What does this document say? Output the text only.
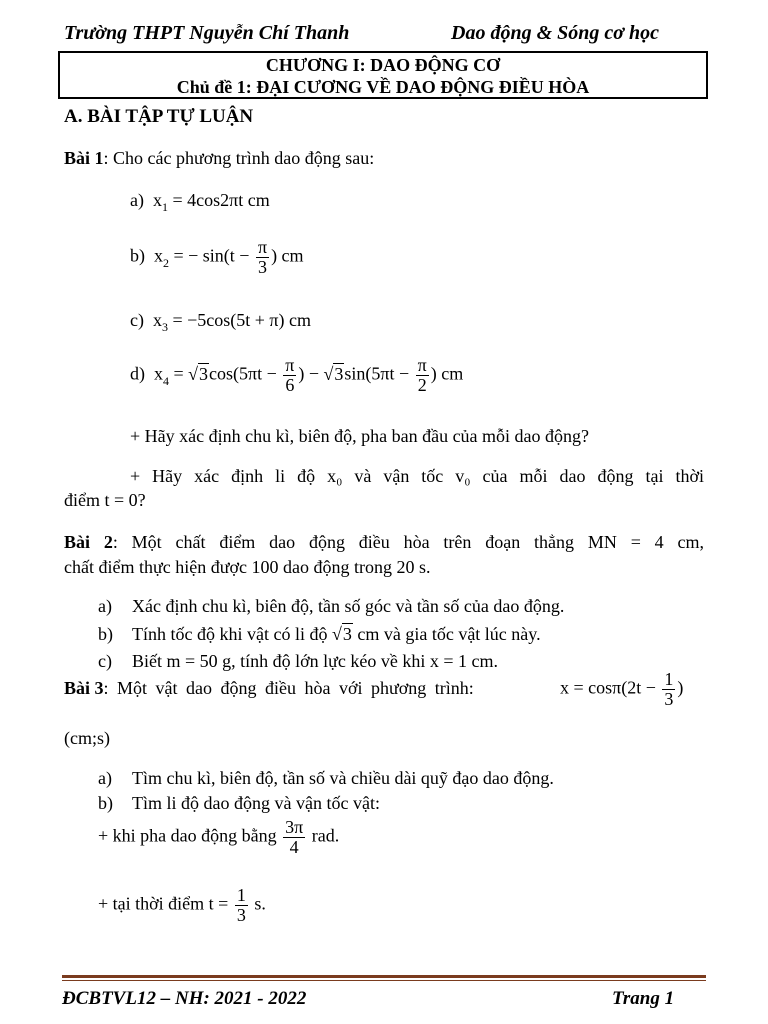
Trường THPT Nguyễn Chí Thanh	Dao động & Sóng cơ học
CHƯƠNG I: DAO ĐỘNG CƠ
Chủ đề 1: ĐẠI CƯƠNG VỀ DAO ĐỘNG ĐIỀU HÒA
A. BÀI TẬP TỰ LUẬN
Bài 1: Cho các phương trình dao động sau:
a) $x_1 = 4\cos 2\pi t$ cm
b) $x_2$ = − $\sin(t - \frac{\pi}{3}$ ) cm
c) $x_3 = -5\cos(5t + \pi)$ cm
d) $x_4 = √3\cos(5\pi t - \frac{\pi}{6}$ ) − $√3\sin(5\pi t - \frac{\pi}{2}$ ) cm
+ Hãy xác định chu kì, biên độ, pha ban đầu của mỗi dao động?
+ Hãy xác định li độ x₀ và vận tốc v₀ của mỗi dao động tại thời
điểm t = 0?
Bài 2: Một chất điểm dao động điều hòa trên đoạn thẳng MN = 4 cm,
chất điểm thực hiện được 100 dao động trong 20 s.
a) Xác định chu kì, biên độ, tần số góc và tần số của dao động.
b) Tính tốc độ khi vật có li độ √3 cm và gia tốc vật lúc này.
c) Biết m = 50 g, tính độ lớn lực kéo về khi x = 1 cm.
Bài 3: Một vật dao động điều hòa với phương trình:	$x = \cos\pi(2t - \frac{1}{3}$ )
(cm;s)
a) Tìm chu kì, biên độ, tần số và chiều dài quỹ đạo dao động.
b) Tìm li độ dao động và vận tốc vật:
+ khi pha dao động bằng $\frac{3\pi}{4}$ rad.
+ tại thời điểm $t = \frac{1}{3} s$.
ĐCBTVL12 – NH: 2021 - 2022	Trang 1
